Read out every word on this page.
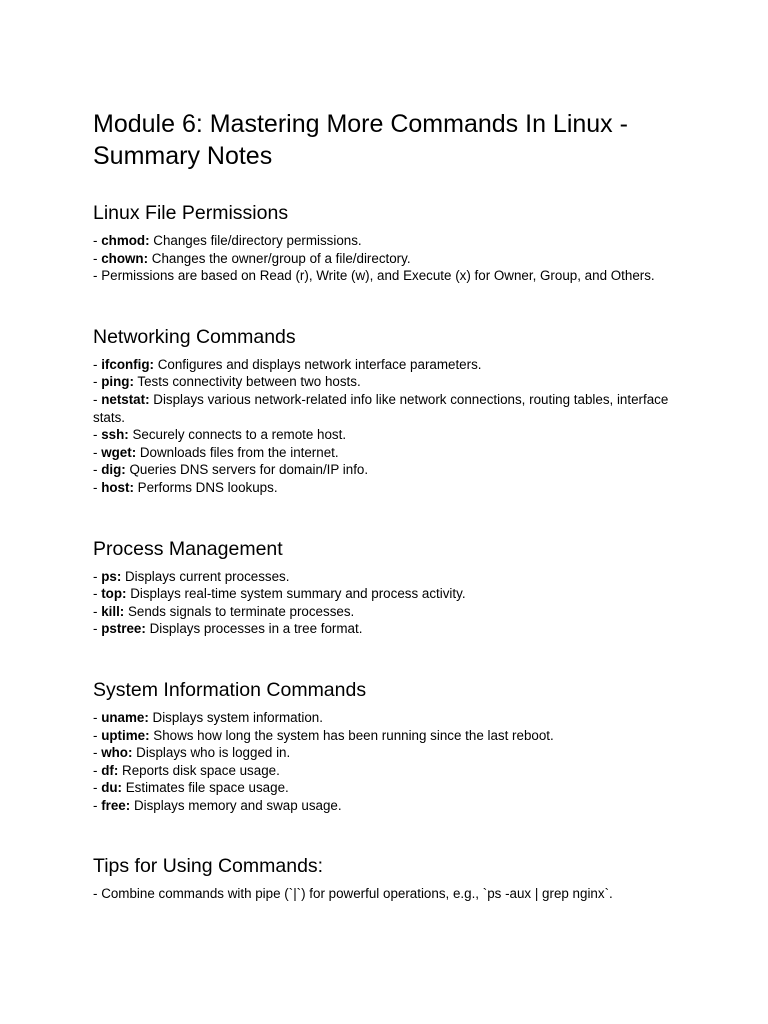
Module 6: Mastering More Commands In Linux - Summary Notes
Linux File Permissions
- chmod: Changes file/directory permissions.
- chown: Changes the owner/group of a file/directory.
- Permissions are based on Read (r), Write (w), and Execute (x) for Owner, Group, and Others.
Networking Commands
- ifconfig: Configures and displays network interface parameters.
- ping: Tests connectivity between two hosts.
- netstat: Displays various network-related info like network connections, routing tables, interface stats.
- ssh: Securely connects to a remote host.
- wget: Downloads files from the internet.
- dig: Queries DNS servers for domain/IP info.
- host: Performs DNS lookups.
Process Management
- ps: Displays current processes.
- top: Displays real-time system summary and process activity.
- kill: Sends signals to terminate processes.
- pstree: Displays processes in a tree format.
System Information Commands
- uname: Displays system information.
- uptime: Shows how long the system has been running since the last reboot.
- who: Displays who is logged in.
- df: Reports disk space usage.
- du: Estimates file space usage.
- free: Displays memory and swap usage.
Tips for Using Commands:
- Combine commands with pipe (`|`) for powerful operations, e.g., `ps -aux | grep nginx`.
